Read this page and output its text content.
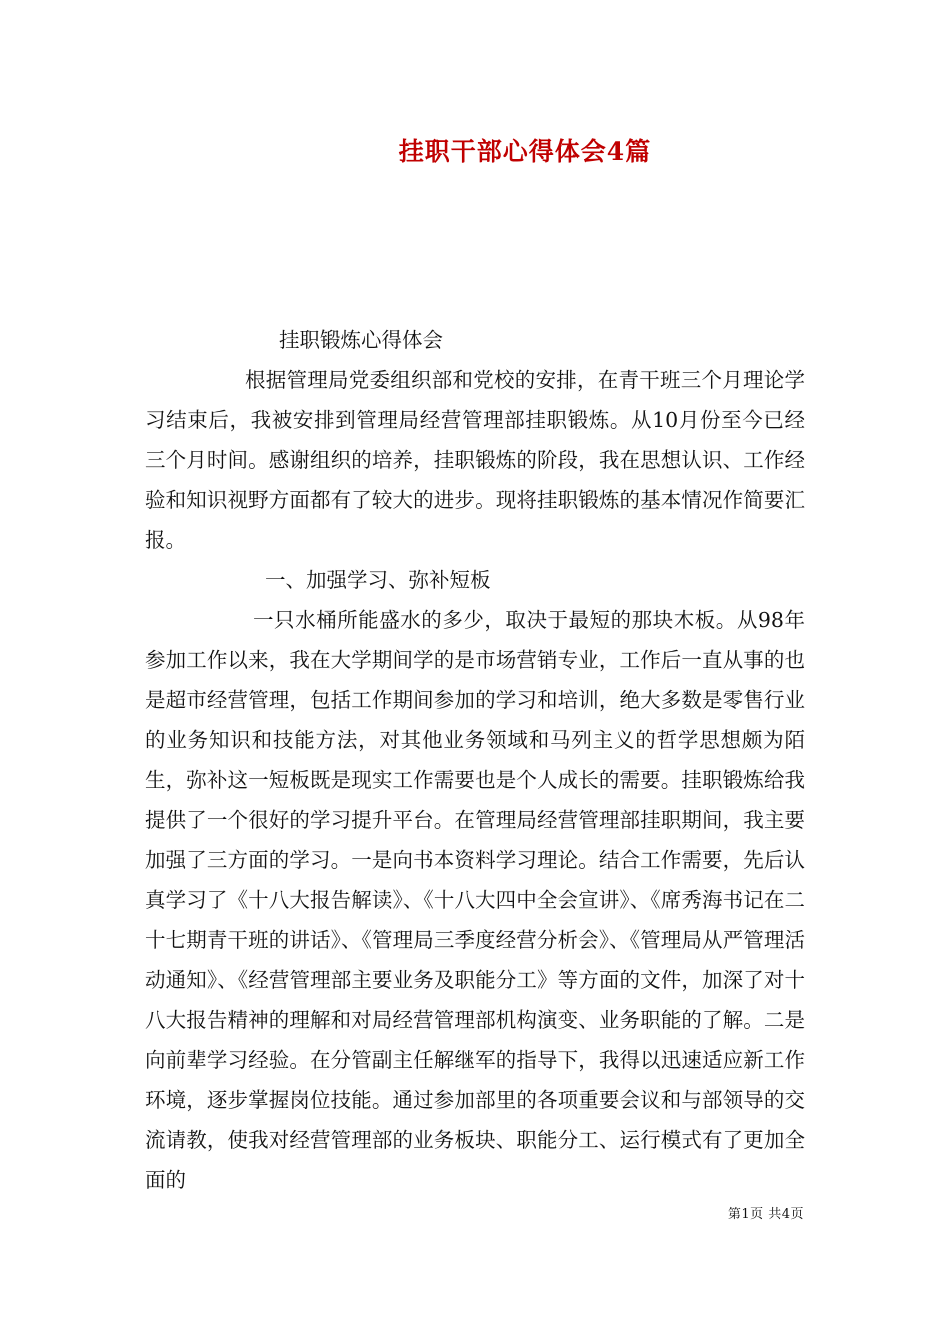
挂职干部心得体会4篇

挂职锻炼心得体会

根据管理局党委组织部和党校的安排，在青干班三个月理论学习结束后，我被安排到管理局经营管理部挂职锻炼。从10月份至今已经三个月时间。感谢组织的培养，挂职锻炼的阶段，我在思想认识、工作经验和知识视野方面都有了较大的进步。现将挂职锻炼的基本情况作简要汇报。

一、加强学习、弥补短板

一只水桶所能盛水的多少，取决于最短的那块木板。从98年参加工作以来，我在大学期间学的是市场营销专业，工作后一直从事的也是超市经营管理，包括工作期间参加的学习和培训，绝大多数是零售行业的业务知识和技能方法，对其他业务领域和马列主义的哲学思想颇为陌生，弥补这一短板既是现实工作需要也是个人成长的需要。挂职锻炼给我提供了一个很好的学习提升平台。在管理局经营管理部挂职期间，我主要加强了三方面的学习。一是向书本资料学习理论。结合工作需要，先后认真学习了《十八大报告解读》、《十八大四中全会宣讲》、《席秀海书记在二十七期青干班的讲话》、《管理局三季度经营分析会》、《管理局从严管理活动通知》、《经营管理部主要业务及职能分工》等方面的文件，加深了对十八大报告精神的理解和对局经营管理部机构演变、业务职能的了解。二是向前辈学习经验。在分管副主任解继军的指导下，我得以迅速适应新工作环境，逐步掌握岗位技能。通过参加部里的各项重要会议和与部领导的交流请教，使我对经营管理部的业务板块、职能分工、运行模式有了更加全面的

第1页 共4页
